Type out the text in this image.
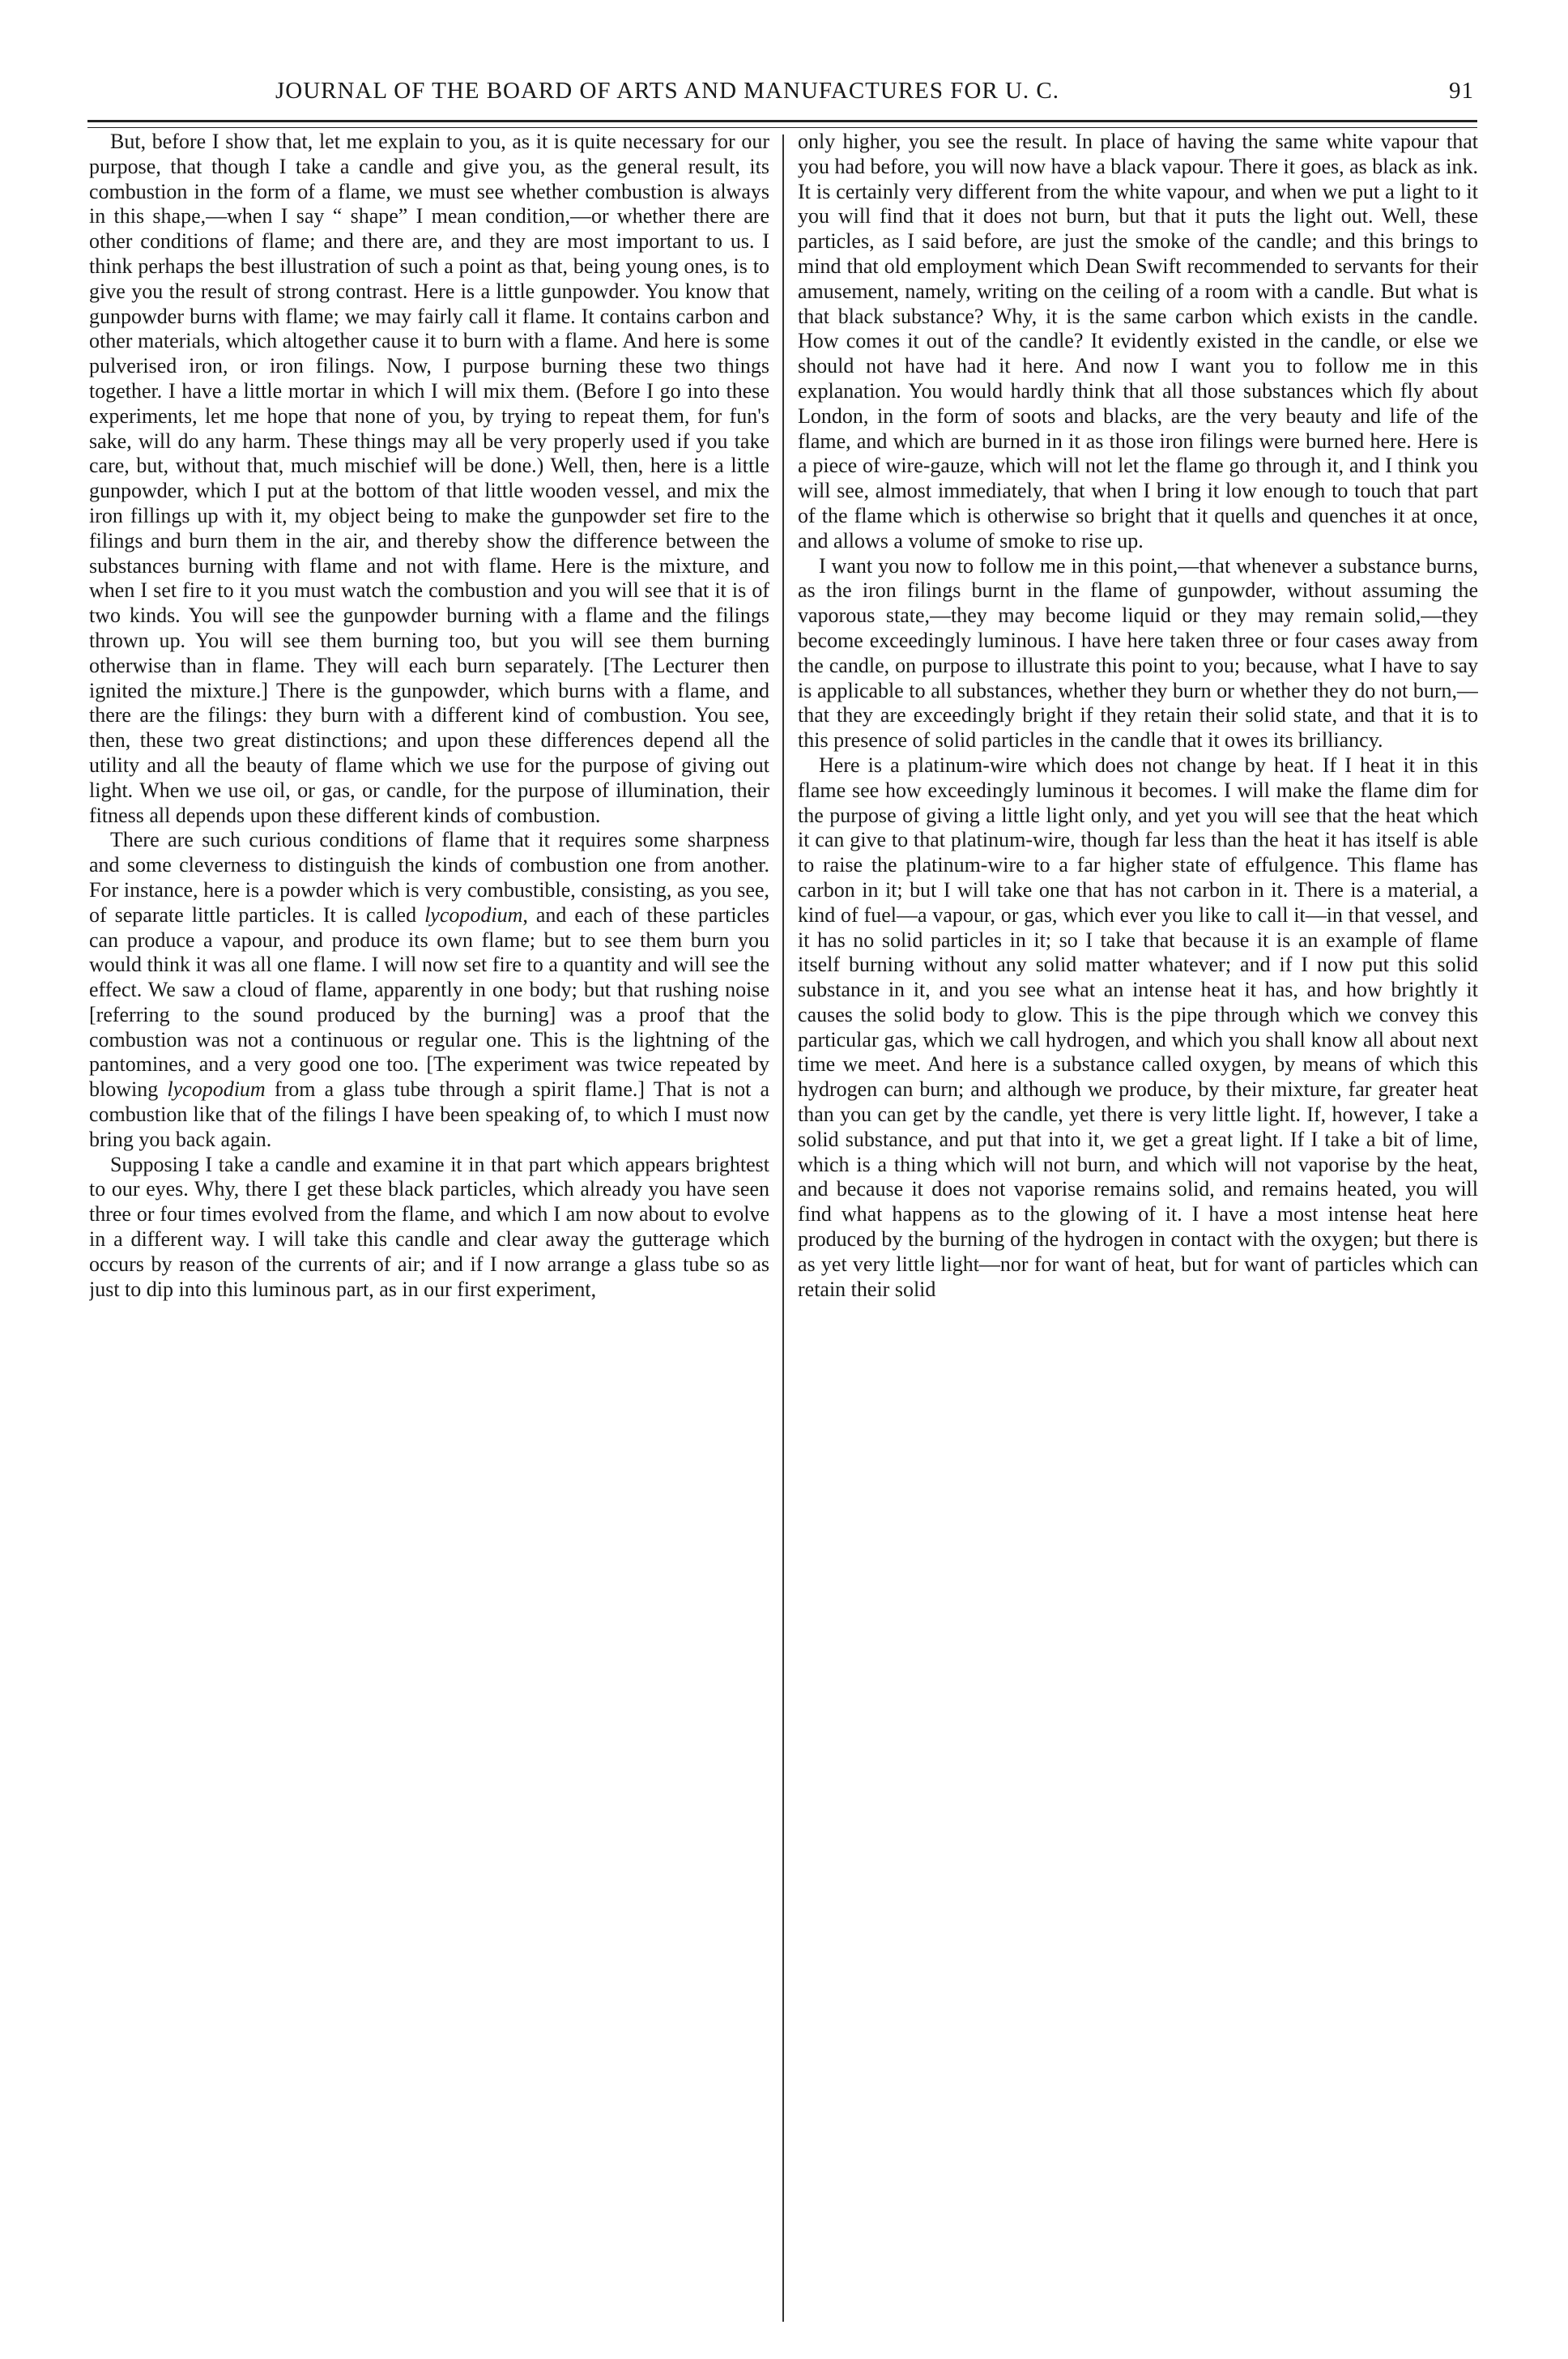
JOURNAL OF THE BOARD OF ARTS AND MANUFACTURES FOR U. C.	91

But, before I show that, let me explain to you, as it is quite necessary for our purpose, that though I take a candle and give you, as the general result, its combustion in the form of a flame, we must see whether combustion is always in this shape,—when I say “ shape” I mean condition,—or whether there are other conditions of flame; and there are, and they are most important to us. I think perhaps the best illustration of such a point as that, being young ones, is to give you the result of strong contrast. Here is a little gunpowder. You know that gunpowder burns with flame; we may fairly call it flame. It contains carbon and other materials, which altogether cause it to burn with a flame. And here is some pulverised iron, or iron filings. Now, I purpose burning these two things together. I have a little mortar in which I will mix them. (Before I go into these experiments, let me hope that none of you, by trying to repeat them, for fun's sake, will do any harm. These things may all be very properly used if you take care, but, without that, much mischief will be done.) Well, then, here is a little gunpowder, which I put at the bottom of that little wooden vessel, and mix the iron fillings up with it, my object being to make the gunpowder set fire to the filings and burn them in the air, and thereby show the difference between the substances burning with flame and not with flame. Here is the mixture, and when I set fire to it you must watch the combustion and you will see that it is of two kinds. You will see the gunpowder burning with a flame and the filings thrown up. You will see them burning too, but you will see them burning otherwise than in flame. They will each burn separately. [The Lecturer then ignited the mixture.] There is the gunpowder, which burns with a flame, and there are the filings: they burn with a different kind of combustion. You see, then, these two great distinctions; and upon these differences depend all the utility and all the beauty of flame which we use for the purpose of giving out light. When we use oil, or gas, or candle, for the purpose of illumination, their fitness all depends upon these different kinds of combustion.

There are such curious conditions of flame that it requires some sharpness and some cleverness to distinguish the kinds of combustion one from another. For instance, here is a powder which is very combustible, consisting, as you see, of separate little particles. It is called lycopodium, and each of these particles can produce a vapour, and produce its own flame; but to see them burn you would think it was all one flame. I will now set fire to a quantity and will see the effect. We saw a cloud of flame, apparently in one body; but that rushing noise [referring to the sound produced by the burning] was a proof that the combustion was not a continuous or regular one. This is the lightning of the pantomines, and a very good one too. [The experiment was twice repeated by blowing lycopodium from a glass tube through a spirit flame.] That is not a combustion like that of the filings I have been speaking of, to which I must now bring you back again.

Supposing I take a candle and examine it in that part which appears brightest to our eyes. Why, there I get these black particles, which already you have seen three or four times evolved from the flame, and which I am now about to evolve in a different way. I will take this candle and clear away the gutterage which occurs by reason of the currents of air; and if I now arrange a glass tube so as just to dip into this luminous part, as in our first experiment,

only higher, you see the result. In place of having the same white vapour that you had before, you will now have a black vapour. There it goes, as black as ink. It is certainly very different from the white vapour, and when we put a light to it you will find that it does not burn, but that it puts the light out. Well, these particles, as I said before, are just the smoke of the candle; and this brings to mind that old employment which Dean Swift recommended to servants for their amusement, namely, writing on the ceiling of a room with a candle. But what is that black substance? Why, it is the same carbon which exists in the candle. How comes it out of the candle? It evidently existed in the candle, or else we should not have had it here. And now I want you to follow me in this explanation. You would hardly think that all those substances which fly about London, in the form of soots and blacks, are the very beauty and life of the flame, and which are burned in it as those iron filings were burned here. Here is a piece of wire-gauze, which will not let the flame go through it, and I think you will see, almost immediately, that when I bring it low enough to touch that part of the flame which is otherwise so bright that it quells and quenches it at once, and allows a volume of smoke to rise up.

I want you now to follow me in this point,—that whenever a substance burns, as the iron filings burnt in the flame of gunpowder, without assuming the vaporous state,—they may become liquid or they may remain solid,—they become exceedingly luminous. I have here taken three or four cases away from the candle, on purpose to illustrate this point to you; because, what I have to say is applicable to all substances, whether they burn or whether they do not burn,—that they are exceedingly bright if they retain their solid state, and that it is to this presence of solid particles in the candle that it owes its brilliancy.

Here is a platinum-wire which does not change by heat. If I heat it in this flame see how exceedingly luminous it becomes. I will make the flame dim for the purpose of giving a little light only, and yet you will see that the heat which it can give to that platinum-wire, though far less than the heat it has itself is able to raise the platinum-wire to a far higher state of effulgence. This flame has carbon in it; but I will take one that has not carbon in it. There is a material, a kind of fuel—a vapour, or gas, which ever you like to call it—in that vessel, and it has no solid particles in it; so I take that because it is an example of flame itself burning without any solid matter whatever; and if I now put this solid substance in it, and you see what an intense heat it has, and how brightly it causes the solid body to glow. This is the pipe through which we convey this particular gas, which we call hydrogen, and which you shall know all about next time we meet. And here is a substance called oxygen, by means of which this hydrogen can burn; and although we produce, by their mixture, far greater heat than you can get by the candle, yet there is very little light. If, however, I take a solid substance, and put that into it, we get a great light. If I take a bit of lime, which is a thing which will not burn, and which will not vaporise by the heat, and because it does not vaporise remains solid, and remains heated, you will find what happens as to the glowing of it. I have a most intense heat here produced by the burning of the hydrogen in contact with the oxygen; but there is as yet very little light—nor for want of heat, but for want of particles which can retain their solid
